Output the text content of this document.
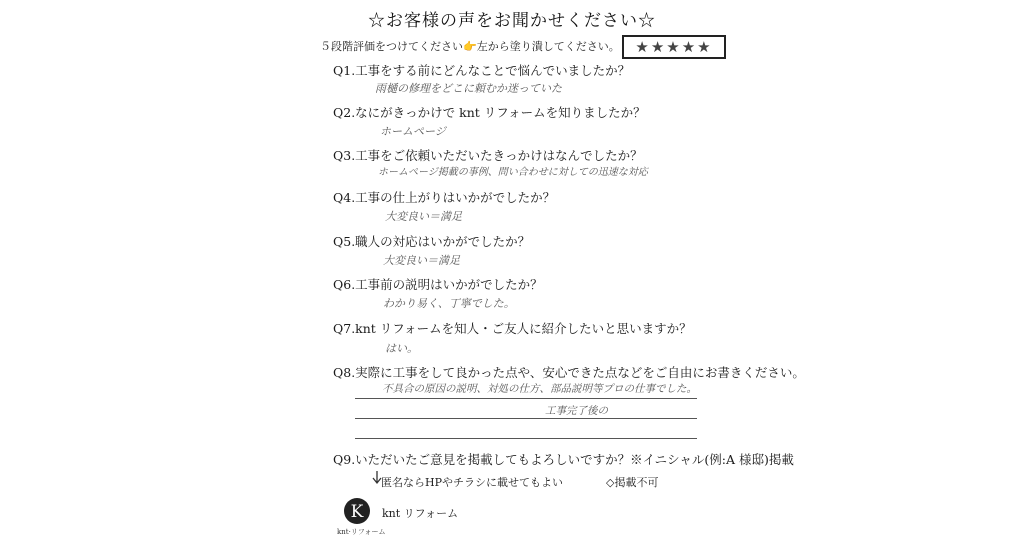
☆お客様の声をお聞かせください☆
５段階評価をつけてください👉左から塗り潰してください。	★★★★★
Q1.工事をする前にどんなことで悩んでいましたか？
雨樋の修理をどこに頼むか迷っていた
Q2.なにがきっかけで knt リフォームを知りましたか？
ホームページ
Q3.工事をご依頼いただいたきっかけはなんでしたか？
ホームページ掲載の事例、問い合わせに対しての迅速な対応
Q4.工事の仕上がりはいかがでしたか？
大変良い＝満足
Q5.職人の対応はいかがでしたか？
大変良い＝満足
Q6.工事前の説明はいかがでしたか？
わかり易く、丁寧でした。
Q7.knt リフォームを知人・ご友人に紹介したいと思いますか？
はい。
Q8.実際に工事をして良かった点や、安心できた点などをご自由にお書きください。
不具合の原因の説明、対処の仕方、部品説明等プロの仕事でした。
工事完了後の
Q9.いただいたご意見を掲載してもよろしいですか？※イニシャル(例:A 様邸)掲載
匿名ならHPやチラシに載せてもよい	◇掲載不可
K
knt·リフォーム
knt リフォーム
